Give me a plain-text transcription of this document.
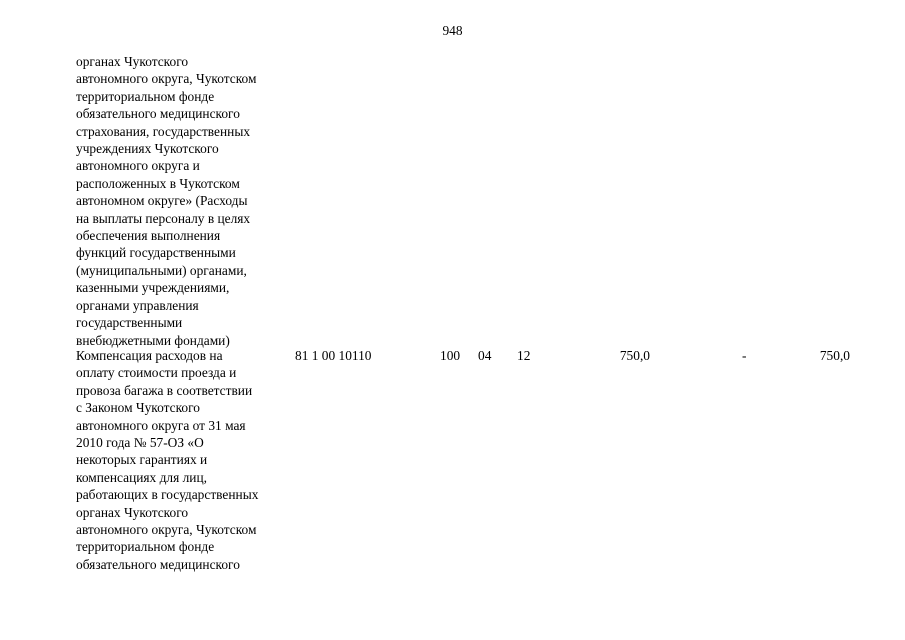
948
органах Чукотского
автономного округа, Чукотском
территориальном фонде
обязательного медицинского
страхования, государственных
учреждениях Чукотского
автономного округа и
расположенных в Чукотском
автономном округе» (Расходы
на выплаты персоналу в целях
обеспечения выполнения
функций государственными
(муниципальными) органами,
казенными учреждениями,
органами управления
государственными
внебюджетными фондами)
Компенсация расходов на
оплату стоимости проезда и
провоза багажа в соответствии
с Законом Чукотского
автономного округа от 31 мая
2010 года № 57-ОЗ «О
некоторых гарантиях и
компенсациях для лиц,
работающих в государственных
органах Чукотского
автономного округа, Чукотском
территориальном фонде
обязательного медицинского
81 1 00 10110	100 04 12	750,0	-	750,0
